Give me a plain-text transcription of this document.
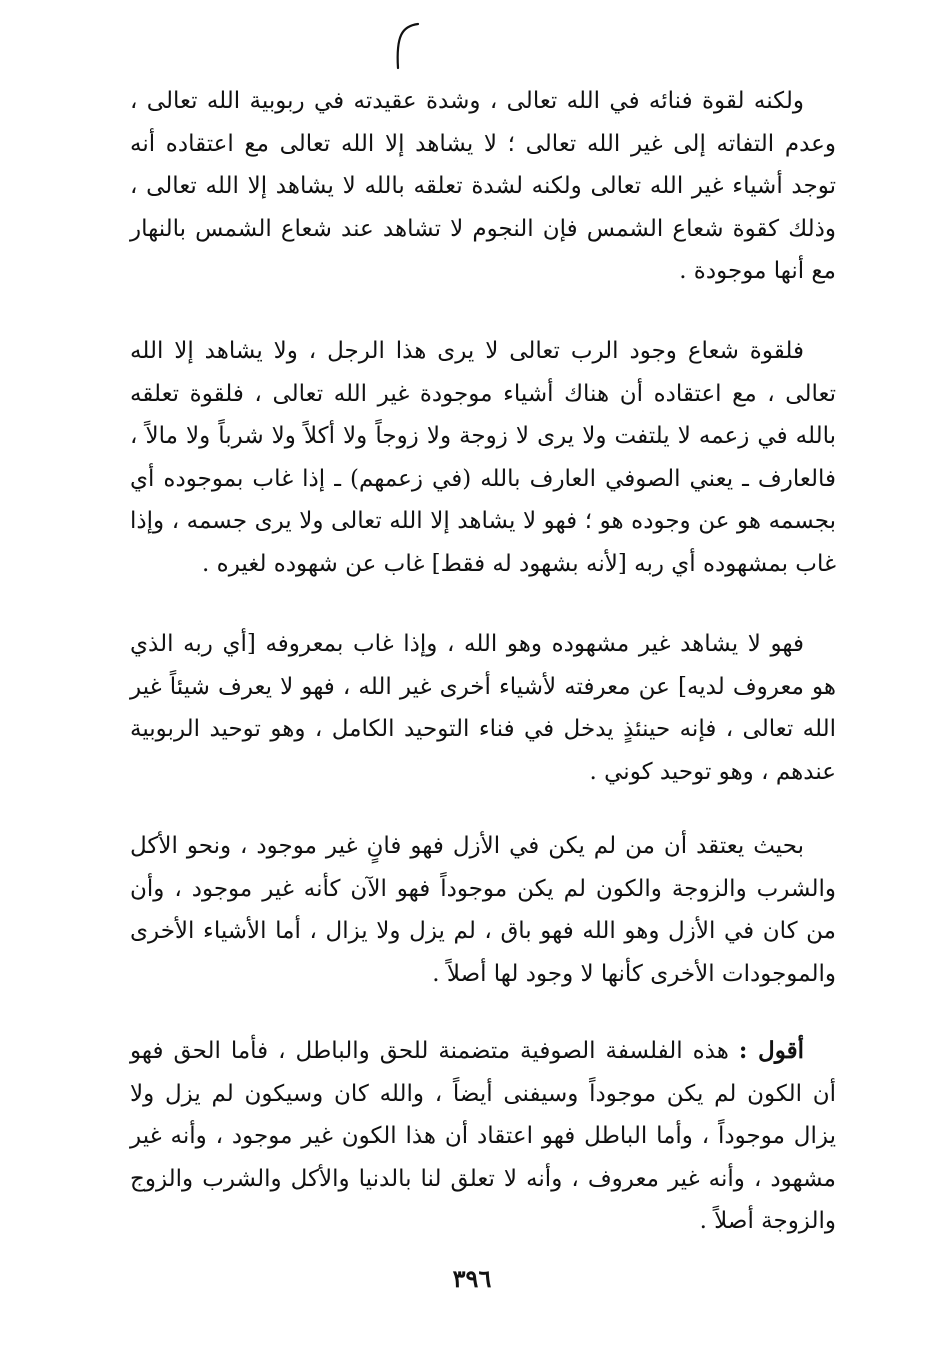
ولكنه لقوة فنائه في الله تعالى ، وشدة عقيدته في ربوبية الله تعالى ، وعدم التفاته إلى غير الله تعالى ؛ لا يشاهد إلا الله تعالى مع اعتقاده أنه توجد أشياء غير الله تعالى ولكنه لشدة تعلقه بالله لا يشاهد إلا الله تعالى ، وذلك كقوة شعاع الشمس فإن النجوم لا تشاهد عند شعاع الشمس بالنهار مع أنها موجودة .

فلقوة شعاع وجود الرب تعالى لا يرى هذا الرجل ، ولا يشاهد إلا الله تعالى ، مع اعتقاده أن هناك أشياء موجودة غير الله تعالى ، فلقوة تعلقه بالله في زعمه لا يلتفت ولا يرى لا زوجة ولا زوجاً ولا أكلاً ولا شرباً ولا مالاً ، فالعارف ـ يعني الصوفي العارف بالله (في زعمهم) ـ إذا غاب بموجوده أي بجسمه هو عن وجوده هو ؛ فهو لا يشاهد إلا الله تعالى ولا يرى جسمه ، وإذا غاب بمشهوده أي ربه [لأنه بشهود له فقط] غاب عن شهوده لغيره .

فهو لا يشاهد غير مشهوده وهو الله ، وإذا غاب بمعروفه [أي ربه الذي هو معروف لديه] عن معرفته لأشياء أخرى غير الله ، فهو لا يعرف شيئاً غير الله تعالى ، فإنه حينئذٍ يدخل في فناء التوحيد الكامل ، وهو توحيد الربوبية عندهم ، وهو توحيد كوني .

بحيث يعتقد أن من لم يكن في الأزل فهو فانٍ غير موجود ، ونحو الأكل والشرب والزوجة والكون لم يكن موجوداً فهو الآن كأنه غير موجود ، وأن من كان في الأزل وهو الله فهو باق ، لم يزل ولا يزال ، أما الأشياء الأخرى والموجودات الأخرى كأنها لا وجود لها أصلاً .

أقول : هذه الفلسفة الصوفية متضمنة للحق والباطل ، فأما الحق فهو أن الكون لم يكن موجوداً وسيفنى أيضاً ، والله كان وسيكون لم يزل ولا يزال موجوداً ، وأما الباطل فهو اعتقاد أن هذا الكون غير موجود ، وأنه غير مشهود ، وأنه غير معروف ، وأنه لا تعلق لنا بالدنيا والأكل والشرب والزوج والزوجة أصلاً .

٣٩٦
